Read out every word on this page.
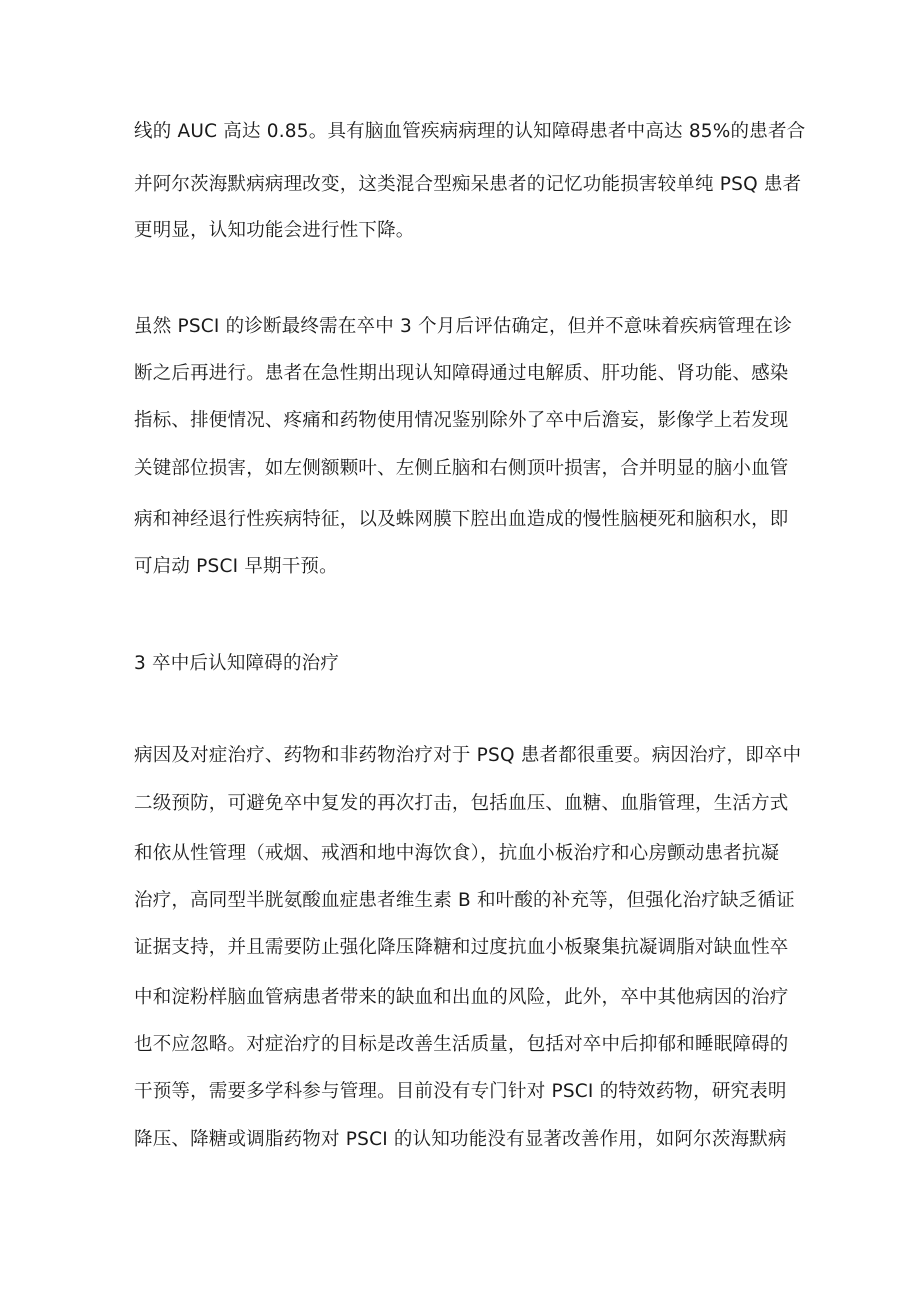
线的 AUC 高达 0.85。具有脑血管疾病病理的认知障碍患者中高达 85%的患者合
并阿尔茨海默病病理改变，这类混合型痴呆患者的记忆功能损害较单纯 PSQ 患者
更明显，认知功能会进行性下降。
虽然 PSCI 的诊断最终需在卒中 3 个月后评估确定，但并不意味着疾病管理在诊
断之后再进行。患者在急性期出现认知障碍通过电解质、肝功能、肾功能、感染
指标、排便情况、疼痛和药物使用情况鉴别除外了卒中后澹妄，影像学上若发现
关键部位损害，如左侧额颗叶、左侧丘脑和右侧顶叶损害，合并明显的脑小血管
病和神经退行性疾病特征，以及蛛网膜下腔出血造成的慢性脑梗死和脑积水，即
可启动 PSCI 早期干预。
3 卒中后认知障碍的治疗
病因及对症治疗、药物和非药物治疗对于 PSQ 患者都很重要。病因治疗，即卒中
二级预防，可避免卒中复发的再次打击，包括血压、血糖、血脂管理，生活方式
和依从性管理（戒烟、戒酒和地中海饮食），抗血小板治疗和心房颤动患者抗凝
治疗，高同型半胱氨酸血症患者维生素 B 和叶酸的补充等，但强化治疗缺乏循证
证据支持，并且需要防止强化降压降糖和过度抗血小板聚集抗凝调脂对缺血性卒
中和淀粉样脑血管病患者带来的缺血和出血的风险，此外，卒中其他病因的治疗
也不应忽略。对症治疗的目标是改善生活质量，包括对卒中后抑郁和睡眠障碍的
干预等，需要多学科参与管理。目前没有专门针对 PSCI 的特效药物，研究表明
降压、降糖或调脂药物对 PSCI 的认知功能没有显著改善作用，如阿尔茨海默病
